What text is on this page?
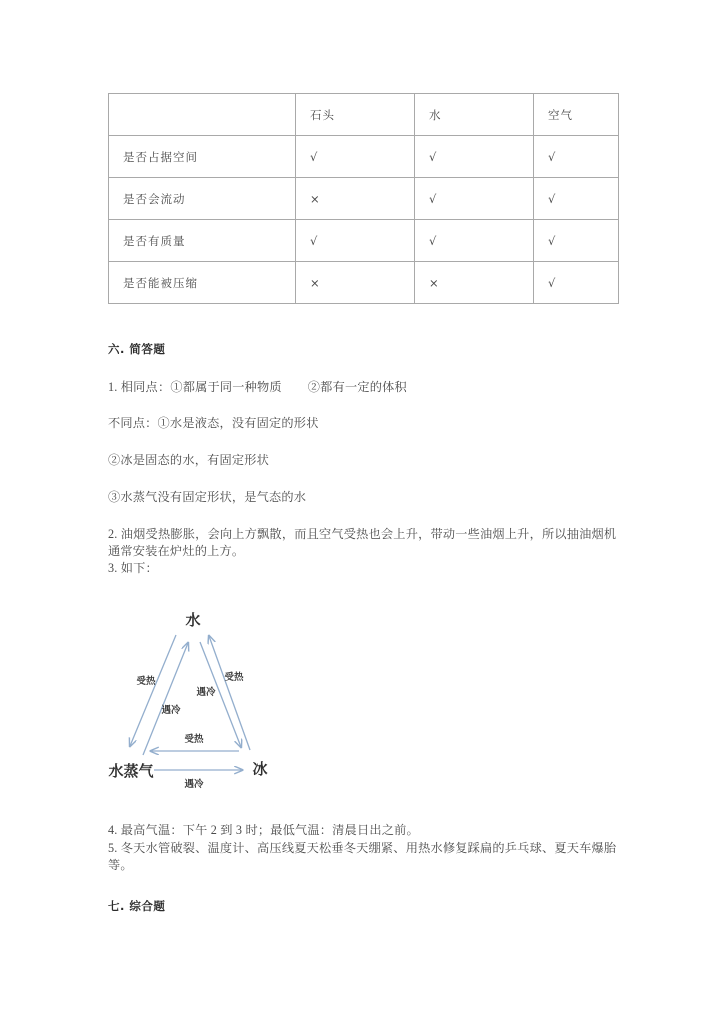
	石头	水	空气
是否占据空间	√	√	√
是否会流动	×	√	√
是否有质量	√	√	√
是否能被压缩	×	×	√
六. 简答题
1. 相同点：①都属于同一种物质        ②都有一定的体积
不同点：①水是液态，没有固定的形状
②冰是固态的水，有固定形状
③水蒸气没有固定形状，是气态的水
2. 油烟受热膨胀，会向上方飘散，而且空气受热也会上升，带动一些油烟上升，所以抽油烟机通常安装在炉灶的上方。
3. 如下：
水
水蒸气	冰
受热
遇冷
遇冷
受热
受热
遇冷
4. 最高气温：下午 2 到 3 时；最低气温：清晨日出之前。
5. 冬天水管破裂、温度计、高压线夏天松垂冬天绷紧、用热水修复踩扁的乒乓球、夏天车爆胎等。
七. 综合题
